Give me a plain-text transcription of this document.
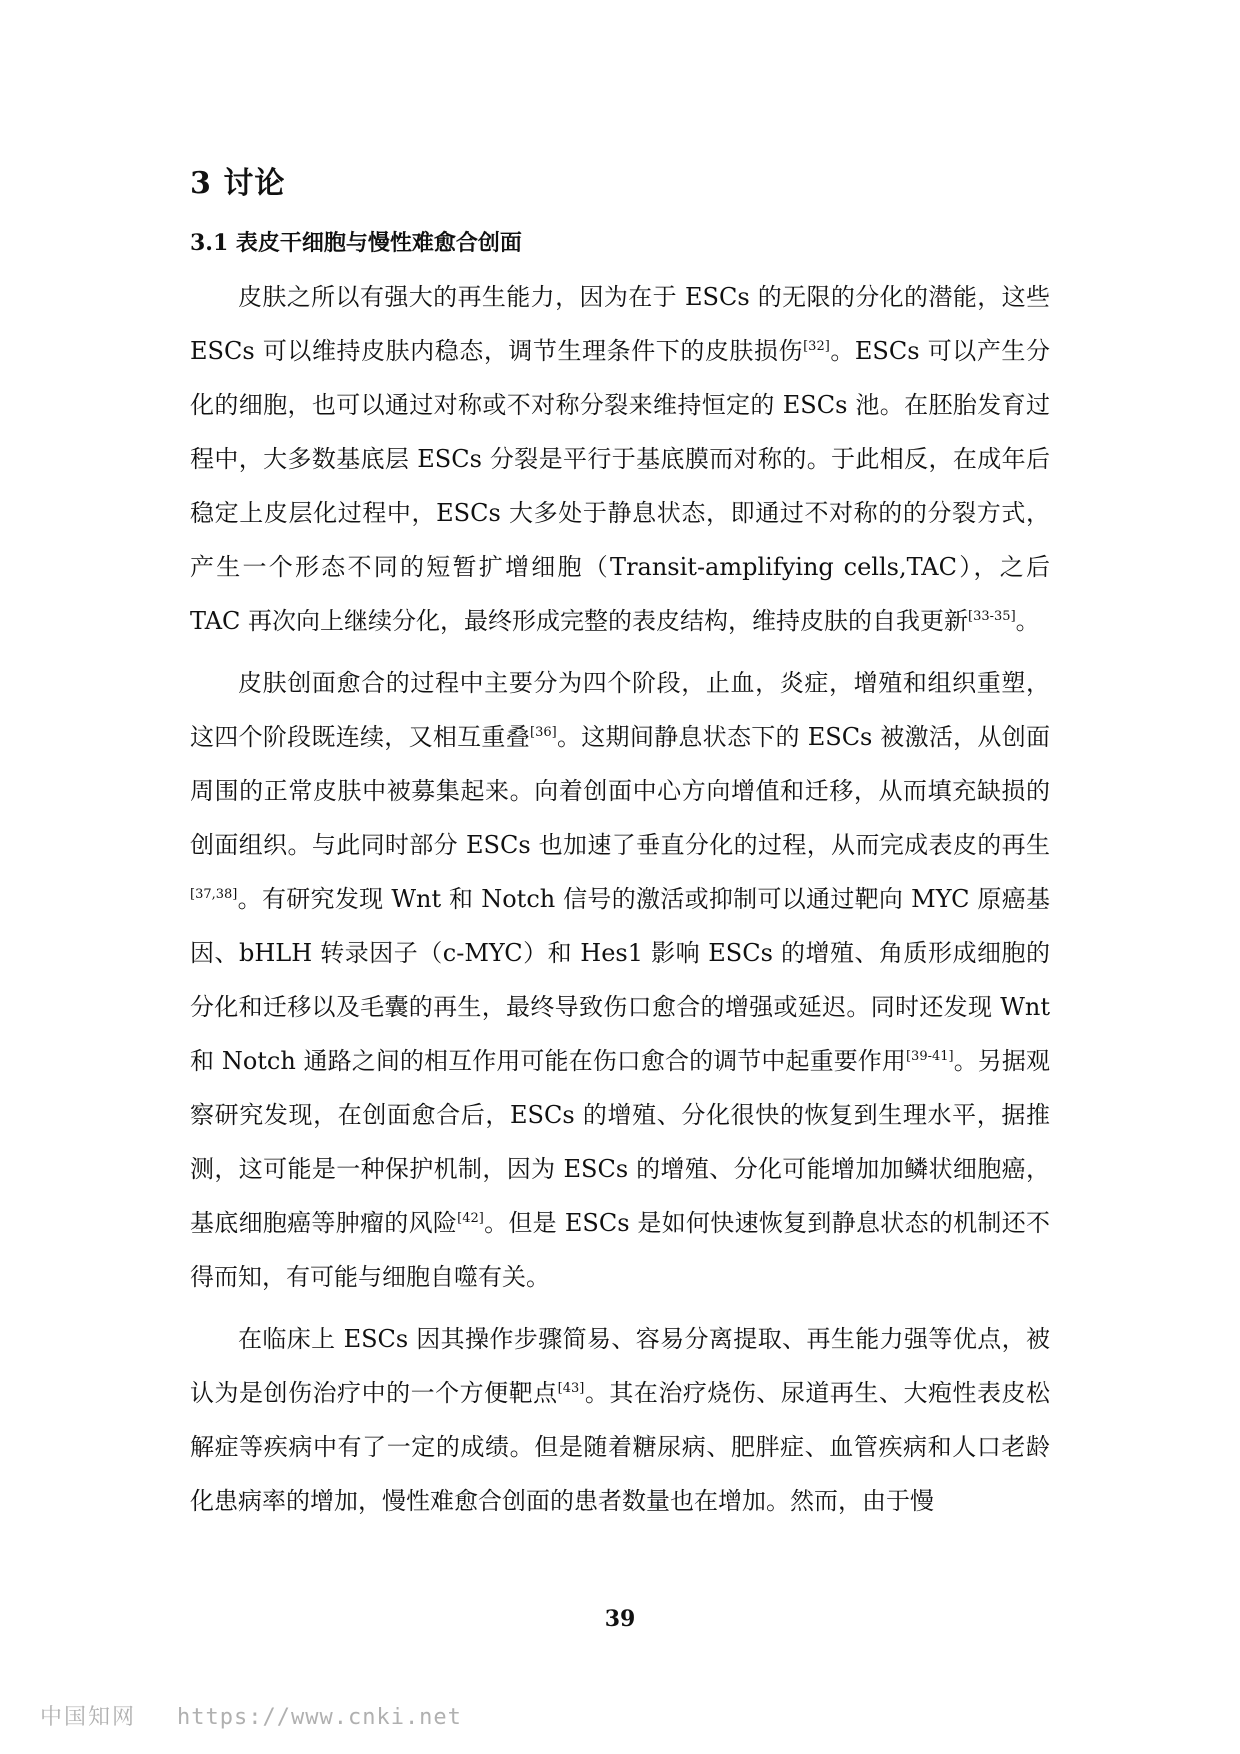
3 讨论
3.1 表皮干细胞与慢性难愈合创面

皮肤之所以有强大的再生能力，因为在于 ESCs 的无限的分化的潜能，这些 ESCs 可以维持皮肤内稳态，调节生理条件下的皮肤损伤[32]。ESCs 可以产生分化的细胞，也可以通过对称或不对称分裂来维持恒定的 ESCs 池。在胚胎发育过程中，大多数基底层 ESCs 分裂是平行于基底膜而对称的。于此相反，在成年后稳定上皮层化过程中，ESCs 大多处于静息状态，即通过不对称的的分裂方式，产生一个形态不同的短暂扩增细胞（Transit-amplifying cells,TAC），之后 TAC 再次向上继续分化，最终形成完整的表皮结构，维持皮肤的自我更新[33-35]。

皮肤创面愈合的过程中主要分为四个阶段，止血，炎症，增殖和组织重塑，这四个阶段既连续，又相互重叠[36]。这期间静息状态下的 ESCs 被激活，从创面周围的正常皮肤中被募集起来。向着创面中心方向增值和迁移，从而填充缺损的创面组织。与此同时部分 ESCs 也加速了垂直分化的过程，从而完成表皮的再生[37,38]。有研究发现 Wnt 和 Notch 信号的激活或抑制可以通过靶向 MYC 原癌基因、bHLH 转录因子（c-MYC）和 Hes1 影响 ESCs 的增殖、角质形成细胞的分化和迁移以及毛囊的再生，最终导致伤口愈合的增强或延迟。同时还发现 Wnt 和 Notch 通路之间的相互作用可能在伤口愈合的调节中起重要作用[39-41]。另据观察研究发现，在创面愈合后，ESCs 的增殖、分化很快的恢复到生理水平，据推测，这可能是一种保护机制，因为 ESCs 的增殖、分化可能增加加鳞状细胞癌，基底细胞癌等肿瘤的风险[42]。但是 ESCs 是如何快速恢复到静息状态的机制还不得而知，有可能与细胞自噬有关。

在临床上 ESCs 因其操作步骤简易、容易分离提取、再生能力强等优点，被认为是创伤治疗中的一个方便靶点[43]。其在治疗烧伤、尿道再生、大疱性表皮松解症等疾病中有了一定的成绩。但是随着糖尿病、肥胖症、血管疾病和人口老龄化患病率的增加，慢性难愈合创面的患者数量也在增加。然而，由于慢

39
中国知网 https://www.cnki.net
